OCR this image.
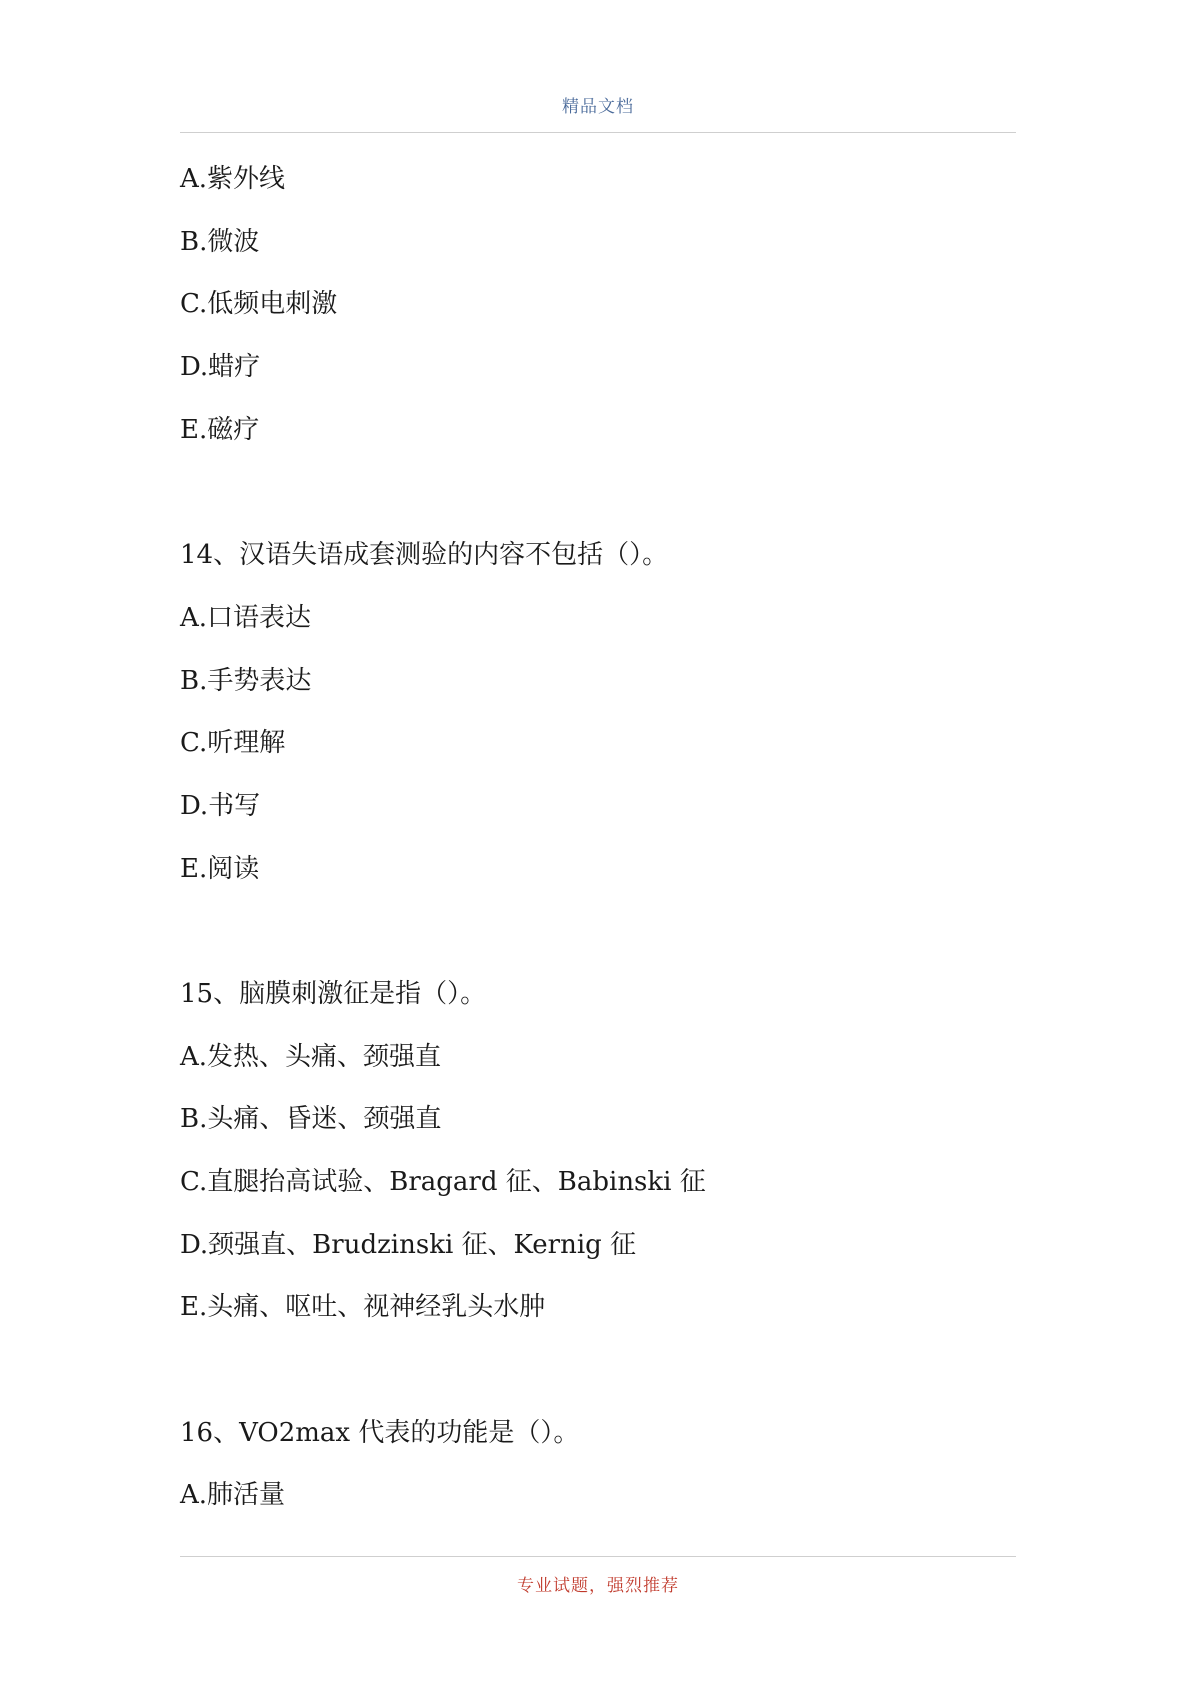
精品文档
A.紫外线
B.微波
C.低频电刺激
D.蜡疗
E.磁疗
14、汉语失语成套测验的内容不包括（）。
A.口语表达
B.手势表达
C.听理解
D.书写
E.阅读
15、脑膜刺激征是指（）。
A.发热、头痛、颈强直
B.头痛、昏迷、颈强直
C.直腿抬高试验、Bragard 征、Babinski 征
D.颈强直、Brudzinski 征、Kernig 征
E.头痛、呕吐、视神经乳头水肿
16、VO2max 代表的功能是（）。
A.肺活量
专业试题，强烈推荐
